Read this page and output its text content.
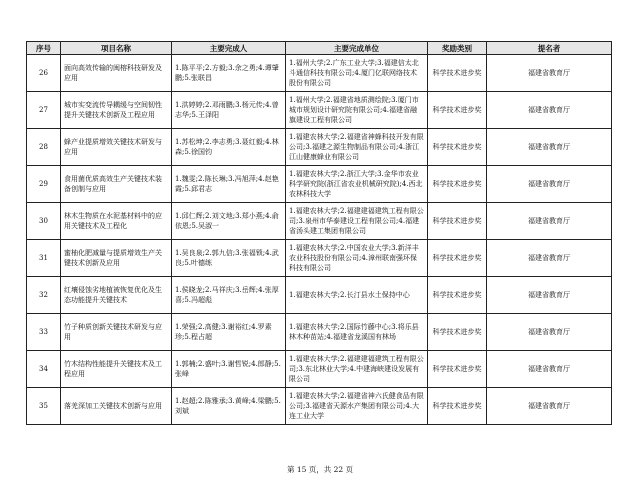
序号	项目名称	主要完成人	主要完成单位	奖励类别	提名者
26	面向高效传输的闽榕科技研发及应用	1.陈平平;2.方毅;3.余之勇;4.谭肇鹏;5.张联昌	1.福州大学;2.广东工业大学;3.福建信太北斗通信科技有限公司;4.厦门亿联网络技术股份有限公司	科学技术进步奖	福建省教育厅
27	城市实变流传导耦缓与空间韧性提升关键技术创新及工程应用	1.洪婷婷;2.邓雨鹏;3.杨元传;4.曾志华;5.王泽阳	1.福州大学;2.福建省地质测绘院;3.厦门市城市规划设计研究院有限公司;4.福建省融旗建设工程有限公司	科学技术进步奖	福建省教育厅
28	蜂产业提质增效关键技术研发与应用	1.苏松坤;2.李志勇;3.聂红毅;4.林森;5.徐国钧	1.福建农林大学;2.福建省神蜂科技开发有限公司;3.福建之源生物制品有限公司;4.浙江江山健康蜂业有限公司	科学技术进步奖	福建省教育厅
29	食用菌优质高效生产关键技术装备创制与应用	1.魏雯;2.陈长琳;3.冯旭萍;4.赵艳霞;5.邱君志	1.福建农林大学;2.浙江大学;3.金华市农业科学研究院(浙江省农业机械研究院);4.西北农林科技大学	科学技术进步奖	福建省教育厅
30	林木生物质在水泥基材料中的应用关键技术及工程化	1.邱仁辉;2.刘文地;3.郑小燕;4.俞依恩;5.吴淑一	1.福建农林大学;2.福建建福建筑工程有限公司;3.泉州市华泰建设工程有限公司;4.福建省汤头建工集团有限公司	科学技术进步奖	福建省教育厅
31	蜜柚化肥减量与提质增效生产关键技术创新及应用	1.吴良泉;2.郭九信;3.张福锁;4.武良;5.叶德练	1.福建农林大学;2.中国农业大学;3.新洋丰农业科技股份有限公司;4.漳州联南强环保科技有限公司	科学技术进步奖	福建省教育厅
32	红壤侵蚀劣地植被恢复优化及生态功能提升关键技术	1.侯晓龙;2.马祥庆;3.岳辉;4.张厚喜;5.冯超彪	1.福建农林大学;2.长汀县水土保持中心	科学技术进步奖	福建省教育厅
33	竹子种质创新关键技术研发与应用	1.荣强;2.高健;3.谢裕红;4.罗素珍;5.程占超	1.福建农林大学;2.国际竹藤中心;3.将乐县林木种苗站;4.福建省龙溪国有林场	科学技术进步奖	福建省教育厅
34	竹木结构性能提升关键技术及工程应用	1.郭楠;2.盛叶;3.谢哲锐;4.郎静;5.张峰	1.福建农林大学;2.福建建福建筑工程有限公司;3.东北林业大学;4.中建海峡建设发展有限公司	科学技术进步奖	福建省教育厅
35	落羌深加工关键技术创新与应用	1.赵超;2.陈雅承;3.黄峰;4.梁鹏;5.刘斌	1.福建农林大学;2.福建省神六氏健食品有限公司;3.福建省天源水产集团有限公司;4.大连工业大学	科学技术进步奖	福建省教育厅
第 15 页，共 22 页
